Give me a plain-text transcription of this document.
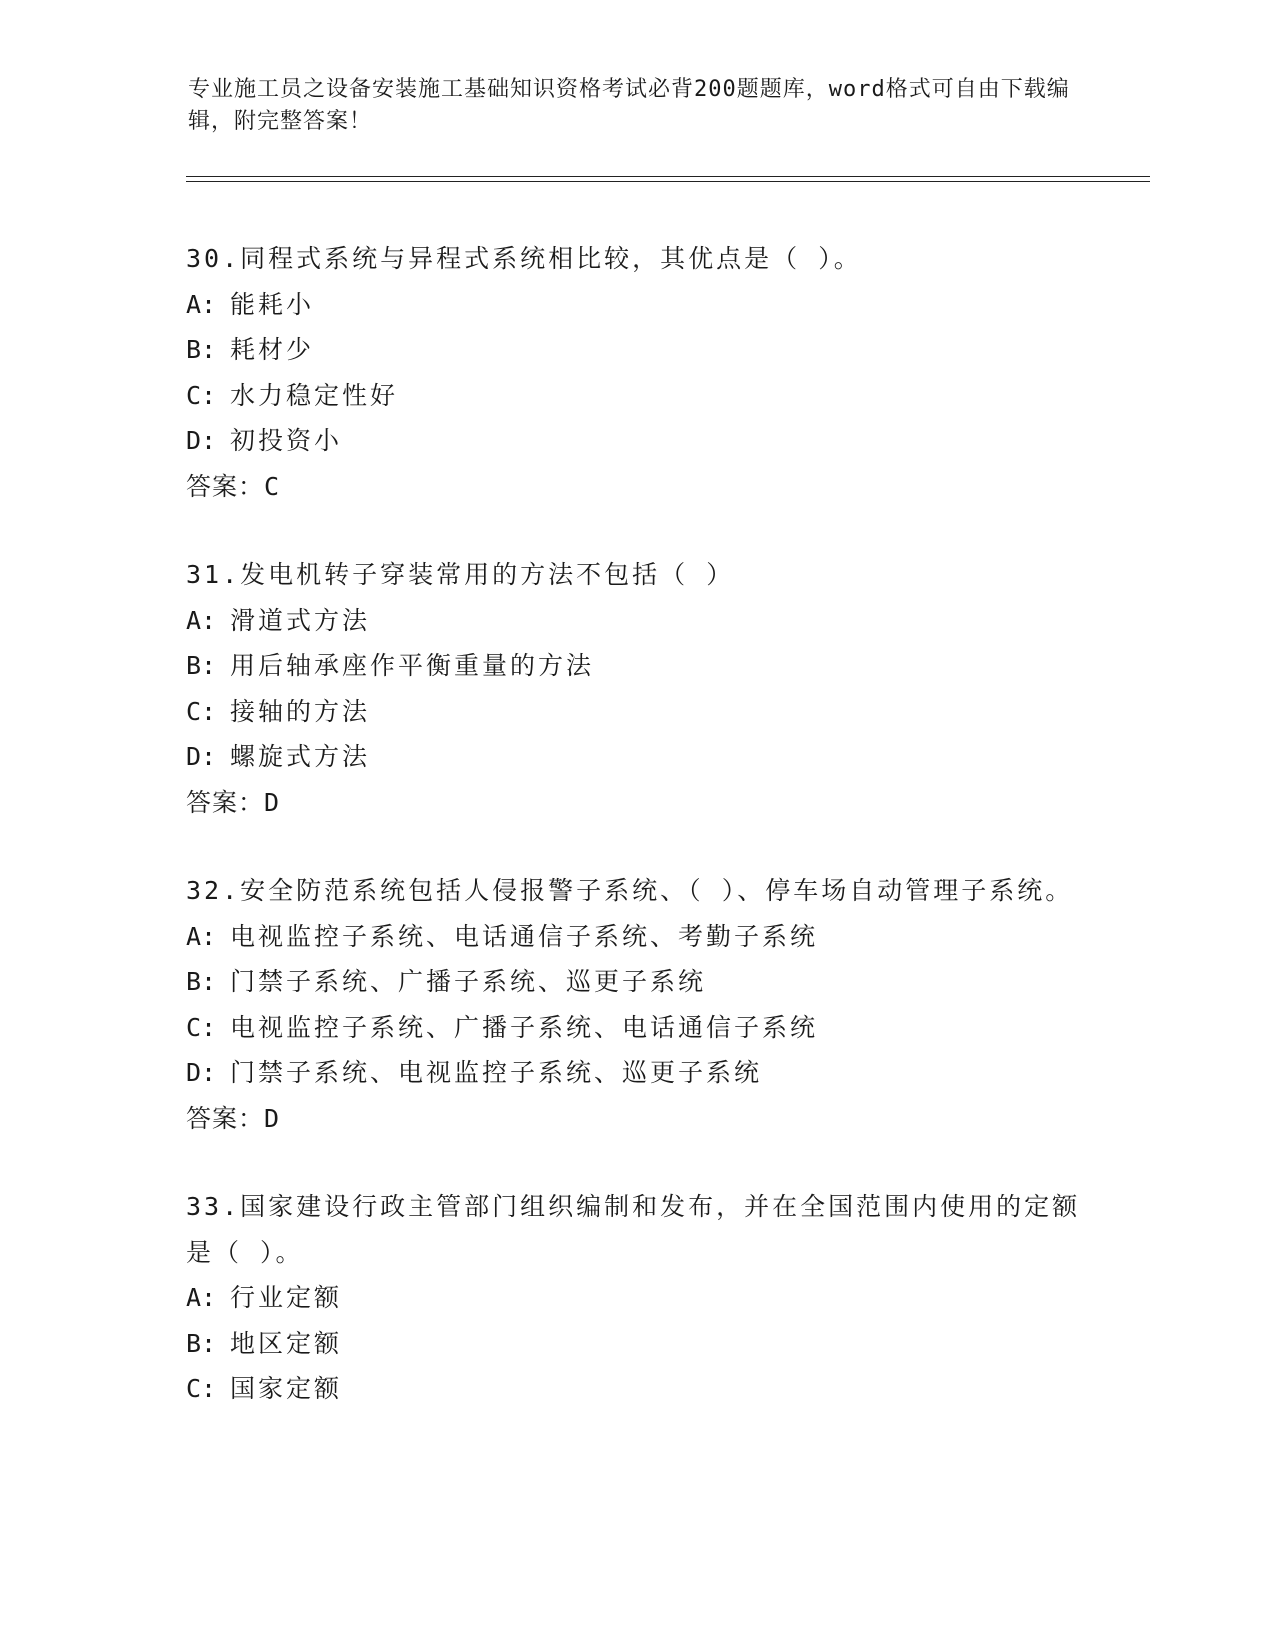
专业施工员之设备安装施工基础知识资格考试必背200题题库，word格式可自由下载编辑，附完整答案！
30.同程式系统与异程式系统相比较，其优点是（ ）。
A: 能耗小
B: 耗材少
C: 水力稳定性好
D: 初投资小
答案：C
31.发电机转子穿装常用的方法不包括（ ）
A: 滑道式方法
B: 用后轴承座作平衡重量的方法
C: 接轴的方法
D: 螺旋式方法
答案：D
32.安全防范系统包括人侵报警子系统、（ ）、停车场自动管理子系统。
A: 电视监控子系统、电话通信子系统、考勤子系统
B: 门禁子系统、广播子系统、巡更子系统
C: 电视监控子系统、广播子系统、电话通信子系统
D: 门禁子系统、电视监控子系统、巡更子系统
答案：D
33.国家建设行政主管部门组织编制和发布，并在全国范围内使用的定额是（ ）。
A: 行业定额
B: 地区定额
C: 国家定额
